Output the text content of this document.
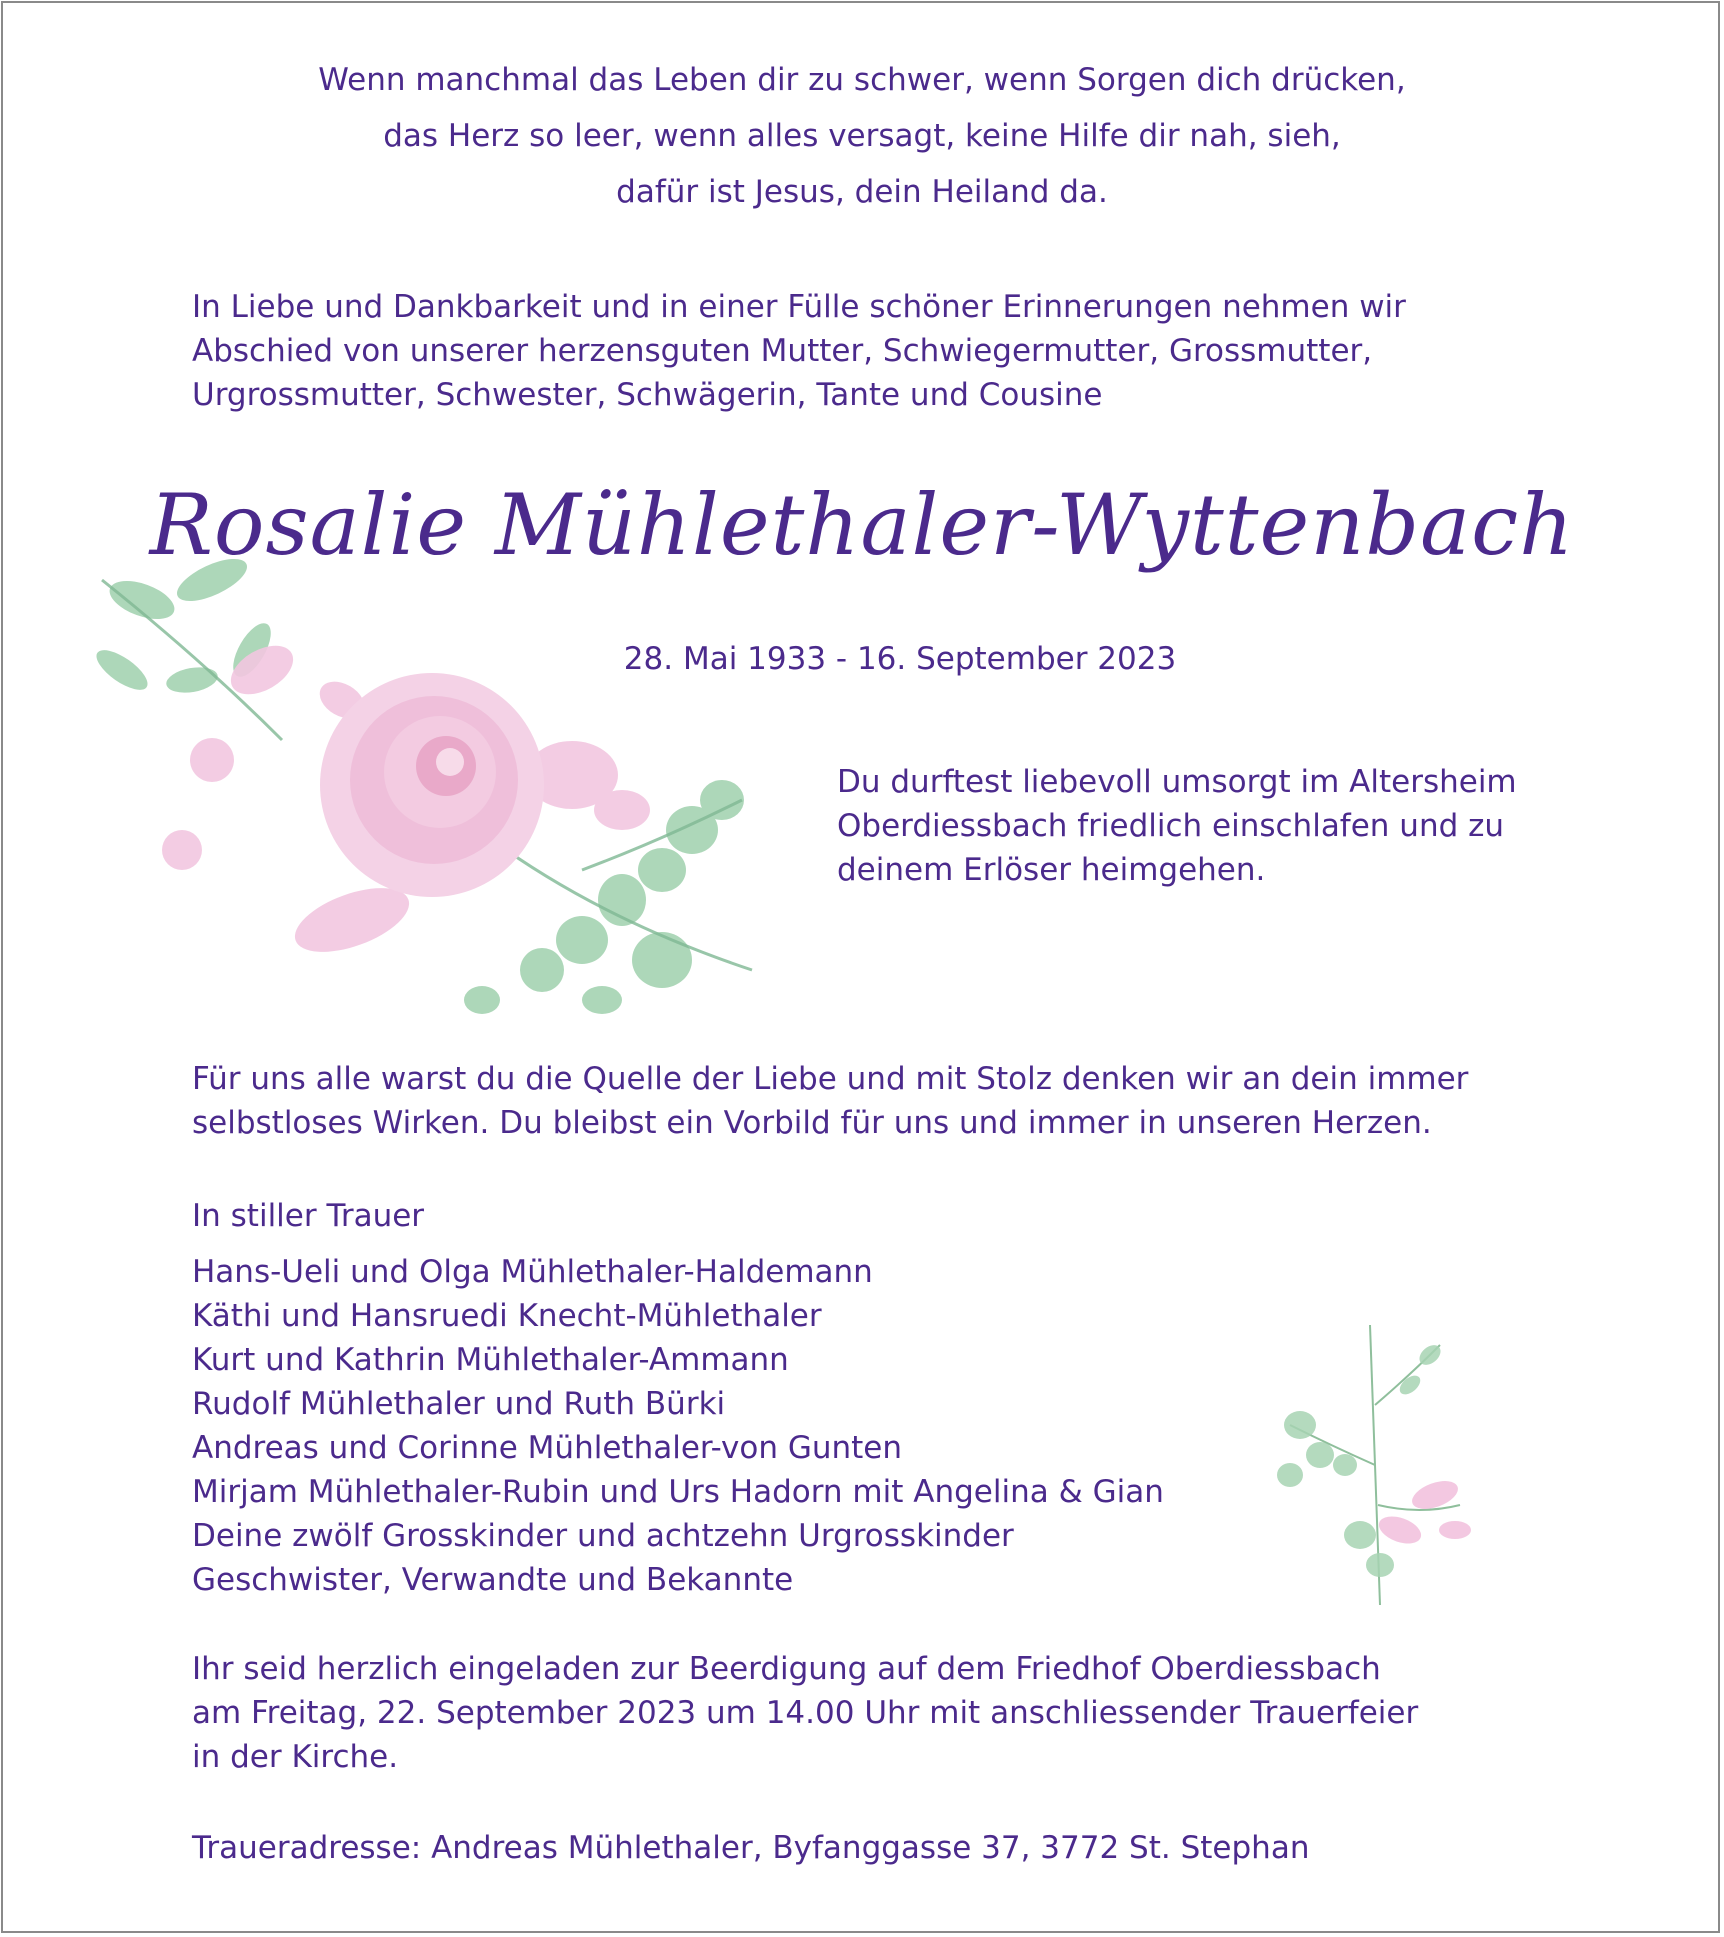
Wenn manchmal das Leben dir zu schwer, wenn Sorgen dich drücken,
das Herz so leer, wenn alles versagt, keine Hilfe dir nah, sieh,
dafür ist Jesus, dein Heiland da.
In Liebe und Dankbarkeit und in einer Fülle schöner Erinnerungen nehmen wir
Abschied von unserer herzensguten Mutter, Schwiegermutter, Grossmutter,
Urgrossmutter, Schwester, Schwägerin, Tante und Cousine
Rosalie Mühlethaler-Wyttenbach
28. Mai 1933 - 16. September 2023
Du durftest liebevoll umsorgt im Altersheim
Oberdiessbach friedlich einschlafen und zu
deinem Erlöser heimgehen.
Für uns alle warst du die Quelle der Liebe und mit Stolz denken wir an dein immer
selbstloses Wirken. Du bleibst ein Vorbild für uns und immer in unseren Herzen.
In stiller Trauer
Hans-Ueli und Olga Mühlethaler-Haldemann
Käthi und Hansruedi Knecht-Mühlethaler
Kurt und Kathrin Mühlethaler-Ammann
Rudolf Mühlethaler und Ruth Bürki
Andreas und Corinne Mühlethaler-von Gunten
Mirjam Mühlethaler-Rubin und Urs Hadorn mit Angelina & Gian
Deine zwölf Grosskinder und achtzehn Urgrosskinder
Geschwister, Verwandte und Bekannte
Ihr seid herzlich eingeladen zur Beerdigung auf dem Friedhof Oberdiessbach
am Freitag, 22. September 2023 um 14.00 Uhr mit anschliessender Trauerfeier
in der Kirche.
Traueradresse: Andreas Mühlethaler, Byfanggasse 37, 3772 St. Stephan
